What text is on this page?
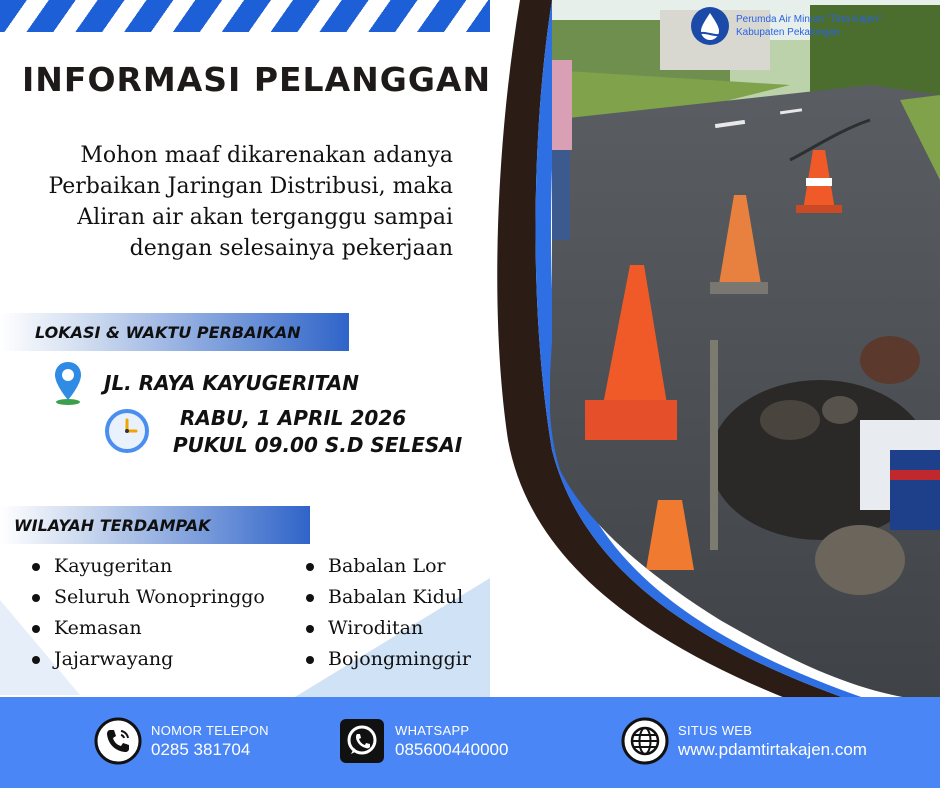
Perumda Air Minum "Tirta Kajen"
Kabupaten Pekalongan
INFORMASI PELANGGAN

Mohon maaf dikarenakan adanya Perbaikan Jaringan Distribusi, maka Aliran air akan terganggu sampai dengan selesainya pekerjaan

LOKASI & WAKTU PERBAIKAN
JL. RAYA KAYUGERITAN
RABU, 1 APRIL 2026
PUKUL 09.00 S.D SELESAI
WILAYAH TERDAMPAK
Kayugeritan
Seluruh Wonopringgo
Kemasan
Jajarwayang
Babalan Lor
Babalan Kidul
Wiroditan
Bojongminggir
NOMOR TELEPON
0285 381704
WHATSAPP
085600440000
SITUS WEB
www.pdamtirtakajen.com
